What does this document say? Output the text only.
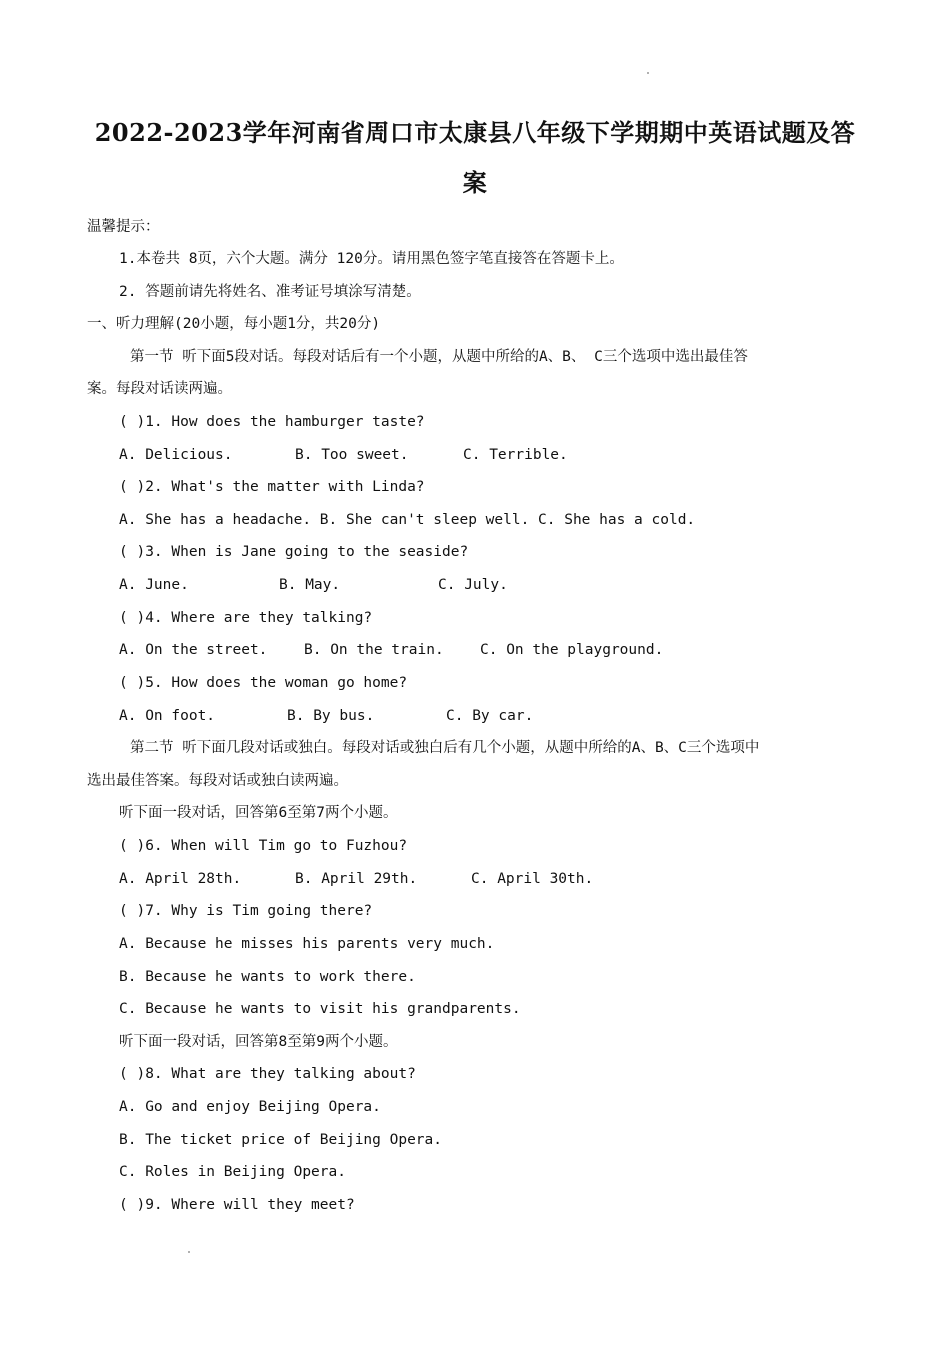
2022-2023学年河南省周口市太康县八年级下学期期中英语试题及答
案
温馨提示：
1.本卷共 8页，六个大题。满分 120分。请用黑色签字笔直接答在答题卡上。
2. 答题前请先将姓名、准考证号填涂写清楚。
一、听力理解(20小题，每小题1分，共20分)
第一节 听下面5段对话。每段对话后有一个小题，从题中所给的A、B、 C三个选项中选出最佳答
案。每段对话读两遍。
( )1. How does the hamburger taste?
A. Delicious.	B. Too sweet.	C. Terrible.
( )2. What's the matter with Linda?
A. She has a headache. B. She can't sleep well. C. She has a cold.
( )3. When is Jane going to the seaside?
A. June.	B. May.	C. July.
( )4. Where are they talking?
A. On the street.	B. On the train.	C. On the playground.
( )5. How does the woman go home?
A. On foot.	B. By bus.	C. By car.
第二节 听下面几段对话或独白。每段对话或独白后有几个小题，从题中所给的A、B、C三个选项中
选出最佳答案。每段对话或独白读两遍。
听下面一段对话，回答第6至第7两个小题。
( )6. When will Tim go to Fuzhou?
A. April 28th.	B. April 29th.	C. April 30th.
( )7. Why is Tim going there?
A. Because he misses his parents very much.
B. Because he wants to work there.
C. Because he wants to visit his grandparents.
听下面一段对话，回答第8至第9两个小题。
( )8. What are they talking about?
A. Go and enjoy Beijing Opera.
B. The ticket price of Beijing Opera.
C. Roles in Beijing Opera.
( )9. Where will they meet?
